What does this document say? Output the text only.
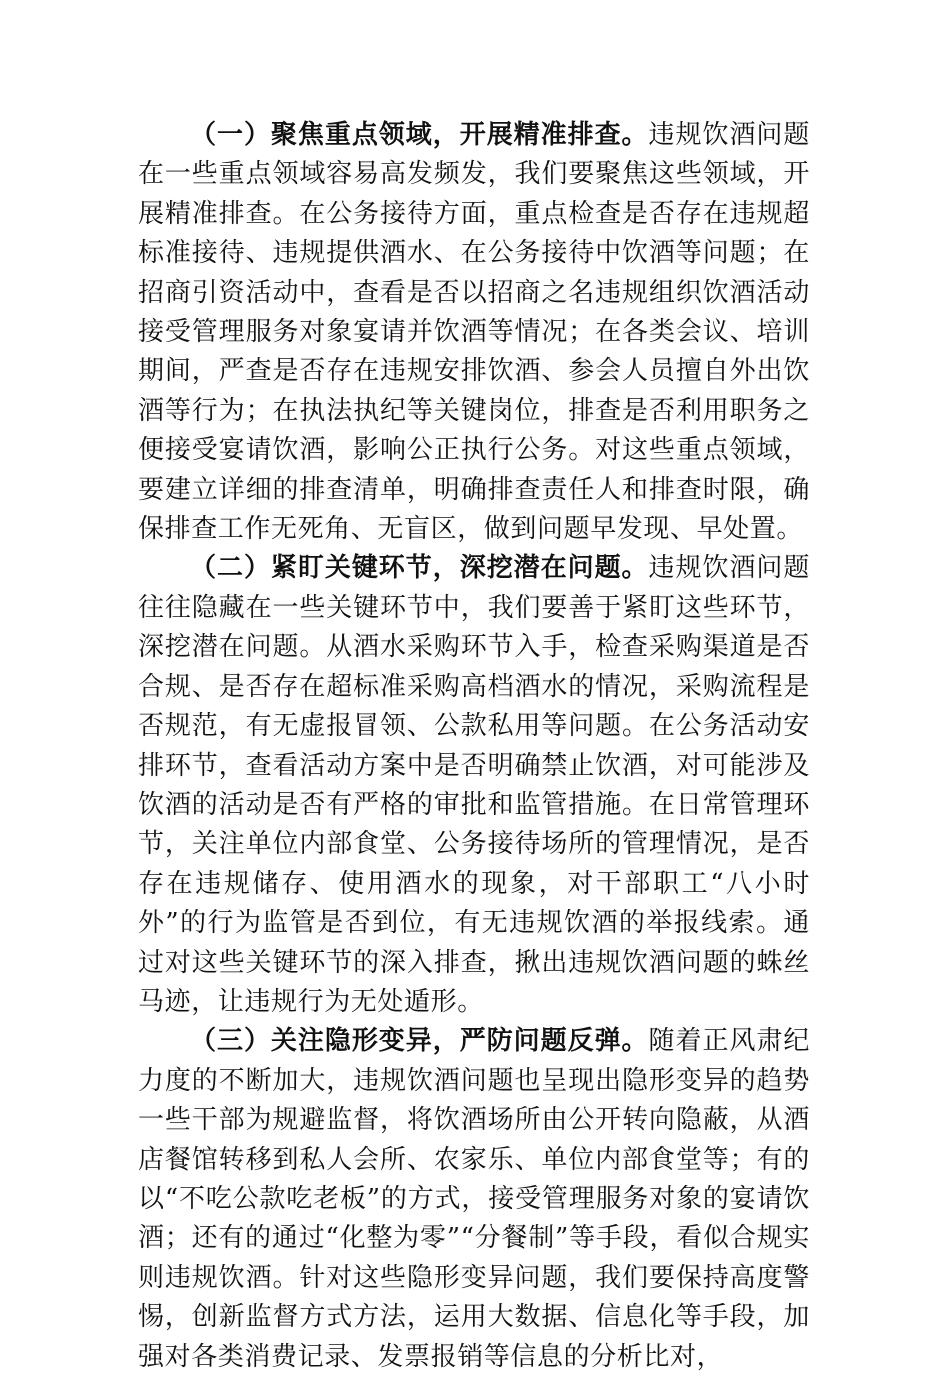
（一）聚焦重点领域，开展精准排查。违规饮酒问题在一些重点领域容易高发频发，我们要聚焦这些领域，开展精准排查。在公务接待方面，重点检查是否存在违规超标准接待、违规提供酒水、在公务接待中饮酒等问题；在招商引资活动中，查看是否以招商之名违规组织饮酒活动接受管理服务对象宴请并饮酒等情况；在各类会议、培训期间，严查是否存在违规安排饮酒、参会人员擅自外出饮酒等行为；在执法执纪等关键岗位，排查是否利用职务之便接受宴请饮酒，影响公正执行公务。对这些重点领域，要建立详细的排查清单，明确排查责任人和排查时限，确保排查工作无死角、无盲区，做到问题早发现、早处置。

（二）紧盯关键环节，深挖潜在问题。违规饮酒问题往往隐藏在一些关键环节中，我们要善于紧盯这些环节，深挖潜在问题。从酒水采购环节入手，检查采购渠道是否合规、是否存在超标准采购高档酒水的情况，采购流程是否规范，有无虚报冒领、公款私用等问题。在公务活动安排环节，查看活动方案中是否明确禁止饮酒，对可能涉及饮酒的活动是否有严格的审批和监管措施。在日常管理环节，关注单位内部食堂、公务接待场所的管理情况，是否存在违规储存、使用酒水的现象，对干部职工“八小时外”的行为监管是否到位，有无违规饮酒的举报线索。通过对这些关键环节的深入排查，揪出违规饮酒问题的蛛丝马迹，让违规行为无处遁形。

（三）关注隐形变异，严防问题反弹。随着正风肃纪力度的不断加大，违规饮酒问题也呈现出隐形变异的趋势一些干部为规避监督，将饮酒场所由公开转向隐蔽，从酒店餐馆转移到私人会所、农家乐、单位内部食堂等；有的以“不吃公款吃老板”的方式，接受管理服务对象的宴请饮酒；还有的通过“化整为零”“分餐制”等手段，看似合规实则违规饮酒。针对这些隐形变异问题，我们要保持高度警惕，创新监督方式方法，运用大数据、信息化等手段，加强对各类消费记录、发票报销等信息的分析比对，
